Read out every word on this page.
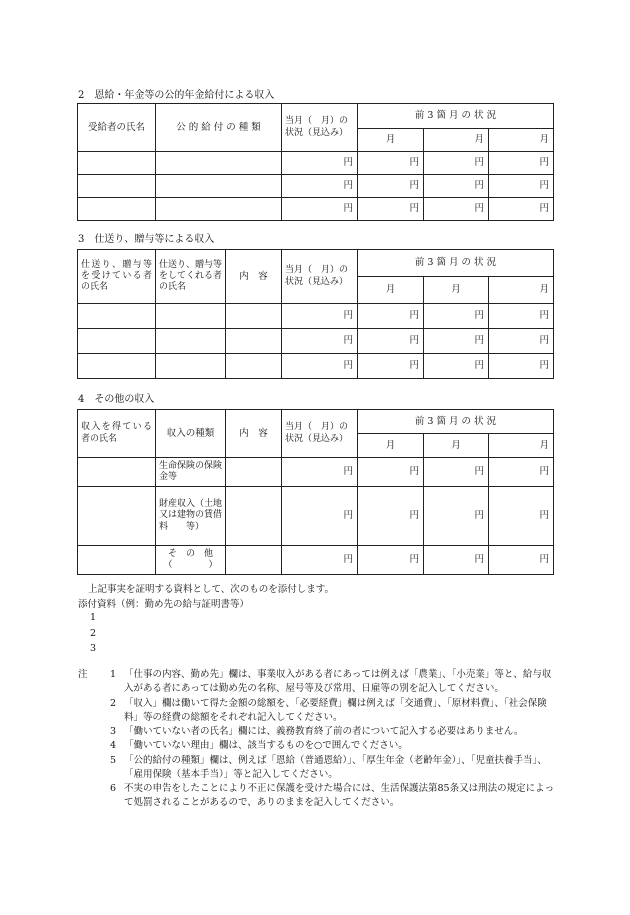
2　恩給・年金等の公的年金給付による収入
受給者の氏名	公 的 給 付 の 種 類	当月（　月）の状況（見込み）	前 3 箇 月 の 状 況		
			月	月	月
		円	円	円	円
		円	円	円	円
		円	円	円	円
3　仕送り、贈与等による収入
仕送り、贈与等を受けている者の氏名	仕送り、贈与等をしてくれる者の氏名	内　容	当月（　月）の状況（見込み）	前 3 箇 月 の 状 況		
				月	月	月
			円	円	円	円
			円	円	円	円
			円	円	円	円
4　その他の収入
収入を得ている者の氏名	収入の種類	内　容	当月（　月）の状況（見込み）	前 3 箇 月 の 状 況		
				月	月	月
	生命保険の保険金等		円	円	円	円
	財産収入（土地又は建物の賃借料　　等）		円	円	円	円
	そ　の　他（　　　　）		円	円	円	円
上記事実を証明する資料として、次のものを添付します。
添付資料（例：勤め先の給与証明書等）
1
2
3
注	1 「仕事の内容、勤め先」欄は、事業収入がある者にあっては例えば「農業」、「小売業」等と、給与収入がある者にあっては勤め先の名称、屋号等及び常用、日雇等の別を記入してください。
2 「収入」欄は働いて得た金額の総額を、「必要経費」欄は例えば「交通費」、「原材料費」、「社会保険料」等の経費の総額をそれぞれ記入してください。
3 「働いていない者の氏名」欄には、義務教育終了前の者について記入する必要はありません。
4 「働いていない理由」欄は、該当するものを○で囲んでください。
5 「公的給付の種類」欄は、例えば「恩給（普通恩給）」、「厚生年金（老齢年金）」、「児童扶養手当」、「雇用保険（基本手当）」等と記入してください。
6 不実の申告をしたことにより不正に保護を受けた場合には、生活保護法第85条又は刑法の規定によって処罰されることがあるので、ありのままを記入してください。
